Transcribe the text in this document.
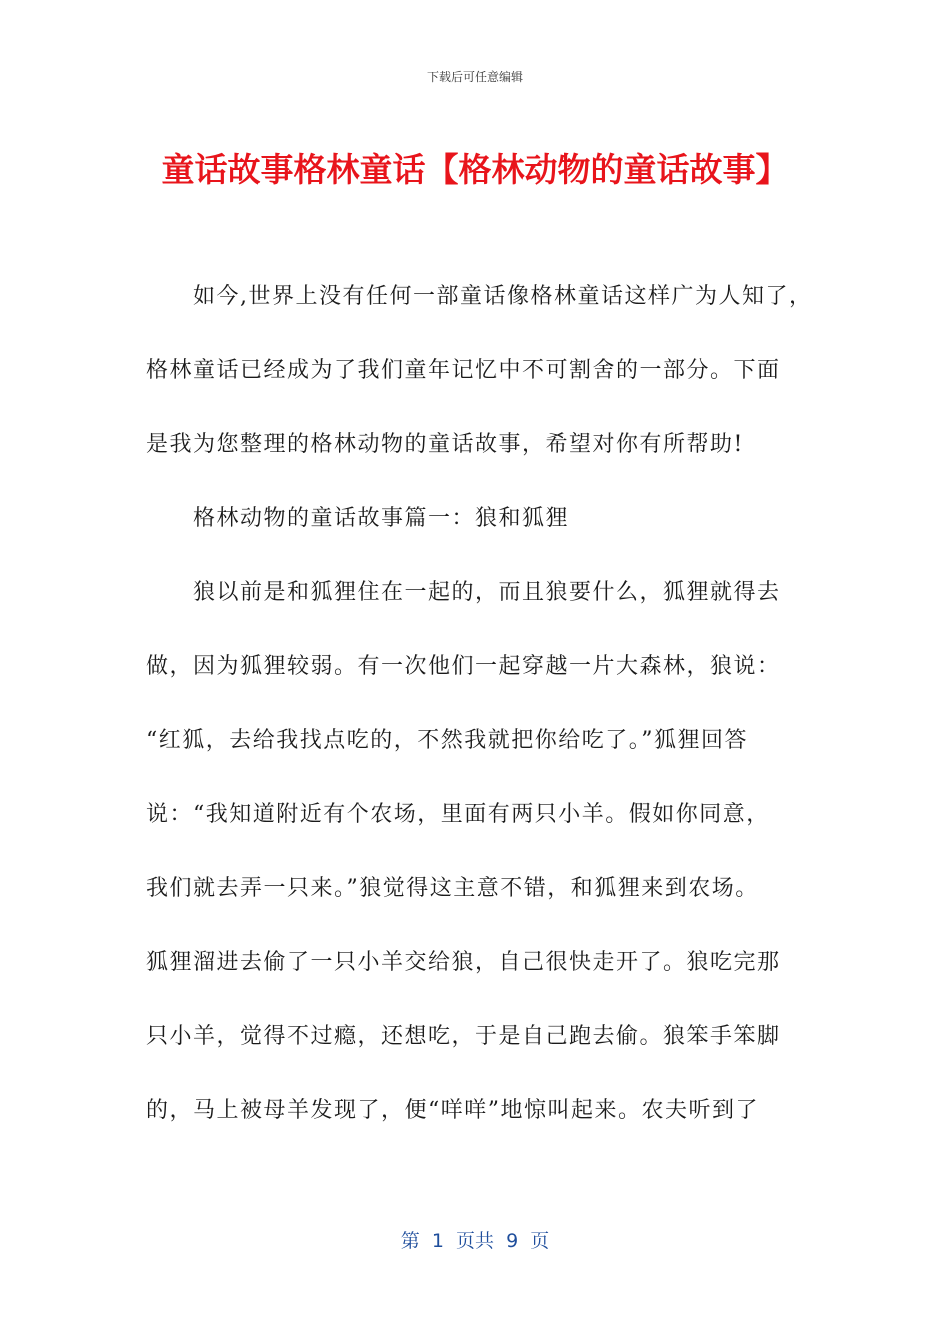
下载后可任意编辑
童话故事格林童话【格林动物的童话故事】
如今,世界上没有任何一部童话像格林童话这样广为人知了，
格林童话已经成为了我们童年记忆中不可割舍的一部分。下面
是我为您整理的格林动物的童话故事，希望对你有所帮助!
格林动物的童话故事篇一：狼和狐狸
狼以前是和狐狸住在一起的，而且狼要什么，狐狸就得去
做，因为狐狸较弱。有一次他们一起穿越一片大森林，狼说：
“红狐，去给我找点吃的，不然我就把你给吃了。”狐狸回答
说：“我知道附近有个农场，里面有两只小羊。假如你同意，
我们就去弄一只来。”狼觉得这主意不错，和狐狸来到农场。
狐狸溜进去偷了一只小羊交给狼，自己很快走开了。狼吃完那
只小羊，觉得不过瘾，还想吃，于是自己跑去偷。狼笨手笨脚
的，马上被母羊发现了，便“咩咩”地惊叫起来。农夫听到了
第  1  页共  9  页
